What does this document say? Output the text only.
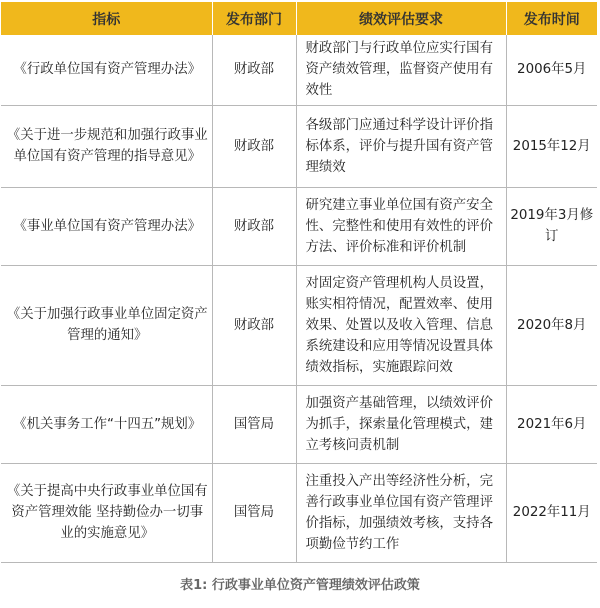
指标	发布部门	绩效评估要求	发布时间
《行政单位国有资产管理办法》	财政部	财政部门与行政单位应实行国有资产绩效管理，监督资产使用有效性	2006年5月
《关于进一步规范和加强行政事业单位国有资产管理的指导意见》	财政部	各级部门应通过科学设计评价指标体系，评价与提升国有资产管理绩效	2015年12月
《事业单位国有资产管理办法》	财政部	研究建立事业单位国有资产安全性、完整性和使用有效性的评价方法、评价标准和评价机制	2019年3月修订
《关于加强行政事业单位固定资产管理的通知》	财政部	对固定资产管理机构人员设置，账实相符情况，配置效率、使用效果、处置以及收入管理、信息系统建设和应用等情况设置具体绩效指标，实施跟踪问效	2020年8月
《机关事务工作“十四五”规划》	国管局	加强资产基础管理，以绩效评价为抓手，探索量化管理模式，建立考核问责机制	2021年6月
《关于提高中央行政事业单位国有资产管理效能 坚持勤俭办一切事业的实施意见》	国管局	注重投入产出等经济性分析，完善行政事业单位国有资产管理评价指标，加强绩效考核，支持各项勤俭节约工作	2022年11月
表1: 行政事业单位资产管理绩效评估政策
